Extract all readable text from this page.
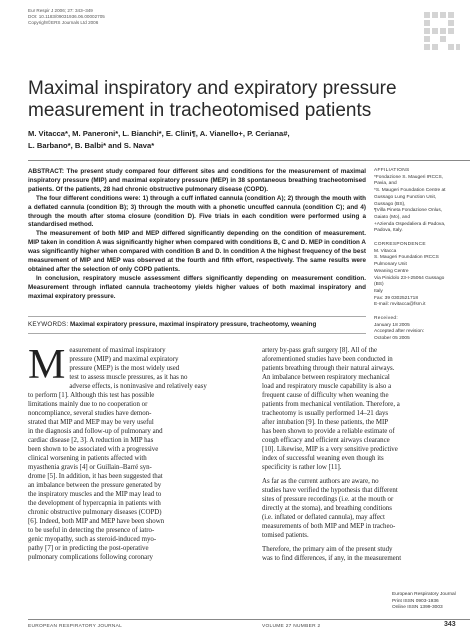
Eur Respir J 2006; 27: 343–349
DOI: 10.1183/09031936.06.00002705
Copyright©ERS Journals Ltd 2006
Maximal inspiratory and expiratory pressure
measurement in tracheotomised patients
M. Vitacca*, M. Paneroni*, L. Bianchi*, E. Clini¶, A. Vianello+, P. Ceriana#,
L. Barbano*, B. Balbi* and S. Nava*

ABSTRACT: The present study compared four different sites and conditions for the measurement of maximal inspiratory pressure (MIP) and maximal expiratory pressure (MEP) in 38 spontaneous breathing tracheotomised patients. Of the patients, 28 had chronic obstructive pulmonary disease (COPD).

The four different conditions were: 1) through a cuff inflated cannula (condition A); 2) through the mouth with a deflated cannula (condition B); 3) through the mouth with a phonetic uncuffed cannula (condition C); and 4) through the mouth after stoma closure (condition D). Five trials in each condition were performed using a standardised method.

The measurement of both MIP and MEP differed significantly depending on the condition of measurement. MIP taken in condition A was significantly higher when compared with conditions B, C and D. MEP in condition A was significantly higher when compared with condition B and D. In condition A the highest frequency of the best measurement of MIP and MEP was observed at the fourth and fifth effort, respectively. The same results were obtained after the selection of only COPD patients.

In conclusion, respiratory muscle assessment differs significantly depending on measurement condition. Measurement through inflated cannula tracheotomy yields higher values of both maximal inspiratory and maximal expiratory pressure.

KEYWORDS: Maximal expiratory pressure, maximal inspiratory pressure, tracheotomy, weaning
AFFILIATIONS
*Fondazione S. Maugeri IRCCS,
Pavia, and
*S. Maugeri Foundation Centre at
Gussago Lung Function Unit,
Gussago (BS),
¶Villa Pineta Fondazione Onlus,
Gaiato (Mo), and
+Azienda Ospedaliera di Padova,
Padova, Italy.
CORRESPONDENCE
M. Vitacca
S. Maugeri Foundation IRCCS
Pulmonary Unit
Weaning Centre
Via Pinidolo 23-I-25064 Gussago
(BS)
Italy
Fax: 39 0302521718
E-mail: mvitacca@fsm.it
Received:
January 18 2005
Accepted after revision:
October 05 2005
M easurement of maximal inspiratory
pressure (MIP) and maximal expiratory
pressure (MEP) is the most widely used
test to assess muscle pressures, as it has no
adverse effects, is noninvasive and relatively easy
to perform [1]. Although this test has possible
limitations mainly due to no cooperation or
noncompliance, several studies have demon-
strated that MIP and MEP may be very useful
in the diagnosis and follow-up of pulmonary and
cardiac disease [2, 3]. A reduction in MIP has
been shown to be associated with a progressive
clinical worsening in patients affected with
myasthenia gravis [4] or Guillain–Barré syn-
drome [5]. In addition, it has been suggested that
an imbalance between the pressure generated by
the inspiratory muscles and the MIP may lead to
the development of hypercapnia in patients with
chronic obstructive pulmonary diseases (COPD)
[6]. Indeed, both MIP and MEP have been shown
to be useful in detecting the presence of iatro-
genic myopathy, such as steroid-induced myo-
pathy [7] or in predicting the post-operative
pulmonary complications following coronary

artery by-pass graft surgery [8]. All of the
aforementioned studies have been conducted in
patients breathing through their natural airways.
An imbalance between respiratory mechanical
load and respiratory muscle capability is also a
frequent cause of difficulty when weaning the
patients from mechanical ventilation. Therefore, a
tracheotomy is usually performed 14–21 days
after intubation [9]. In these patients, the MIP
has been shown to provide a reliable estimate of
cough efficacy and efficient airways clearance
[10]. Likewise, MIP is a very sensitive predictive
index of successful weaning even though its
specificity is rather low [11].

As far as the current authors are aware, no
studies have verified the hypothesis that different
sites of pressure recordings (i.e. at the mouth or
directly at the stoma), and breathing conditions
(i.e. inflated or deflated cannula), may affect
measurements of both MIP and MEP in tracheo-
tomised patients.

Therefore, the primary aim of the present study
was to find differences, if any, in the measurement

European Respiratory Journal
Print ISSN 0903-1936
Online ISSN 1399-3003
EUROPEAN RESPIRATORY JOURNAL	VOLUME 27 NUMBER 2	343
